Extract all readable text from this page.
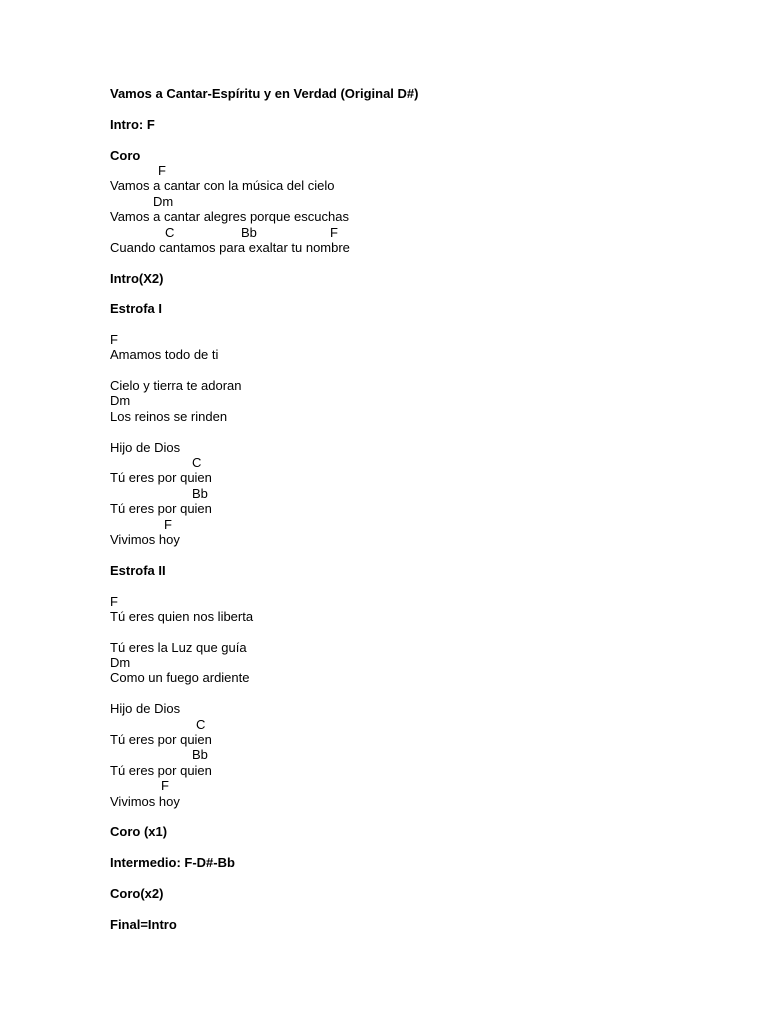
Vamos a Cantar-Espíritu y en Verdad (Original D#)
Intro: F
Coro
F
Vamos a cantar con la música del cielo
Dm
Vamos a cantar alegres porque escuchas
C	Bb	F
Cuando cantamos para exaltar tu nombre
Intro(X2)
Estrofa I
F
Amamos todo de ti
Cielo y tierra te adoran
Dm
Los reinos se rinden
Hijo de Dios
C
Tú eres por quien
Bb
Tú eres por quien
F
Vivimos hoy
Estrofa II
F
Tú eres quien nos liberta
Tú eres la Luz que guía
Dm
Como un fuego ardiente
Hijo de Dios
C
Tú eres por quien
Bb
Tú eres por quien
F
Vivimos hoy
Coro (x1)
Intermedio: F-D#-Bb
Coro(x2)
Final=Intro
